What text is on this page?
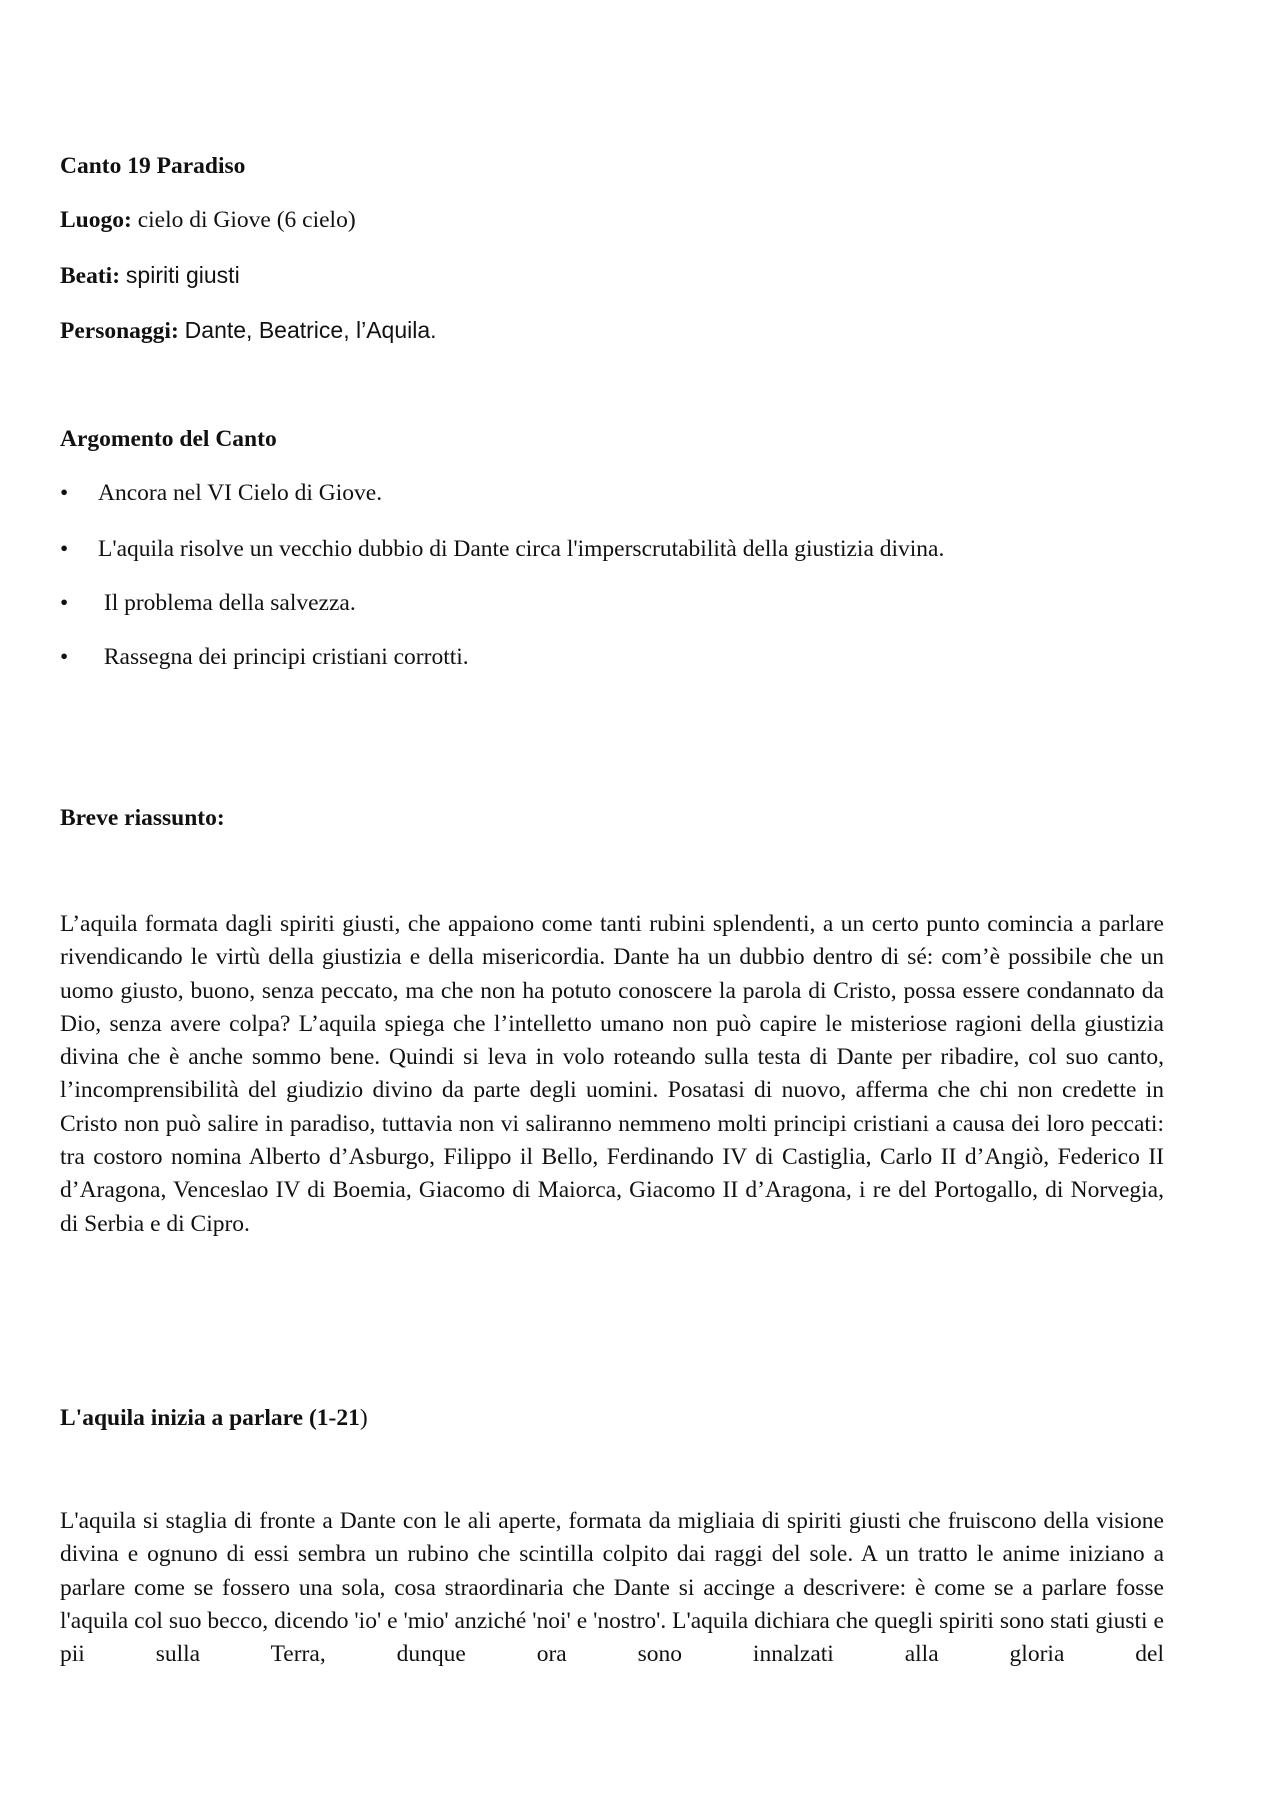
Canto 19 Paradiso
Luogo: cielo di Giove (6 cielo)
Beati: spiriti giusti
Personaggi: Dante, Beatrice, l’Aquila.
Argomento del Canto
•	Ancora nel VI Cielo di Giove.
•	L'aquila risolve un vecchio dubbio di Dante circa l'imperscrutabilità della giustizia divina.
•	Il problema della salvezza.
•	Rassegna dei principi cristiani corrotti.
Breve riassunto:
L’aquila formata dagli spiriti giusti, che appaiono come tanti rubini splendenti, a un certo punto comincia a parlare rivendicando le virtù della giustizia e della misericordia. Dante ha un dubbio dentro di sé: com’è possibile che un uomo giusto, buono, senza peccato, ma che non ha potuto conoscere la parola di Cristo, possa essere condannato da Dio, senza avere colpa? L’aquila spiega che l’intelletto umano non può capire le misteriose ragioni della giustizia divina che è anche sommo bene. Quindi si leva in volo roteando sulla testa di Dante per ribadire, col suo canto, l’incomprensibilità del giudizio divino da parte degli uomini. Posatasi di nuovo, afferma che chi non credette in Cristo non può salire in paradiso, tuttavia non vi saliranno nemmeno molti principi cristiani a causa dei loro peccati: tra costoro nomina Alberto d’Asburgo, Filippo il Bello, Ferdinando IV di Castiglia, Carlo II d’Angiò, Federico II d’Aragona, Venceslao IV di Boemia, Giacomo di Maiorca, Giacomo II d’Aragona, i re del Portogallo, di Norvegia, di Serbia e di Cipro.
L'aquila inizia a parlare (1-21)
L'aquila si staglia di fronte a Dante con le ali aperte, formata da migliaia di spiriti giusti che fruiscono della visione divina e ognuno di essi sembra un rubino che scintilla colpito dai raggi del sole. A un tratto le anime iniziano a parlare come se fossero una sola, cosa straordinaria che Dante si accinge a descrivere: è come se a parlare fosse l'aquila col suo becco, dicendo 'io' e 'mio' anziché 'noi' e 'nostro'. L'aquila dichiara che quegli spiriti sono stati giusti e pii sulla Terra, dunque ora sono innalzati alla gloria del
